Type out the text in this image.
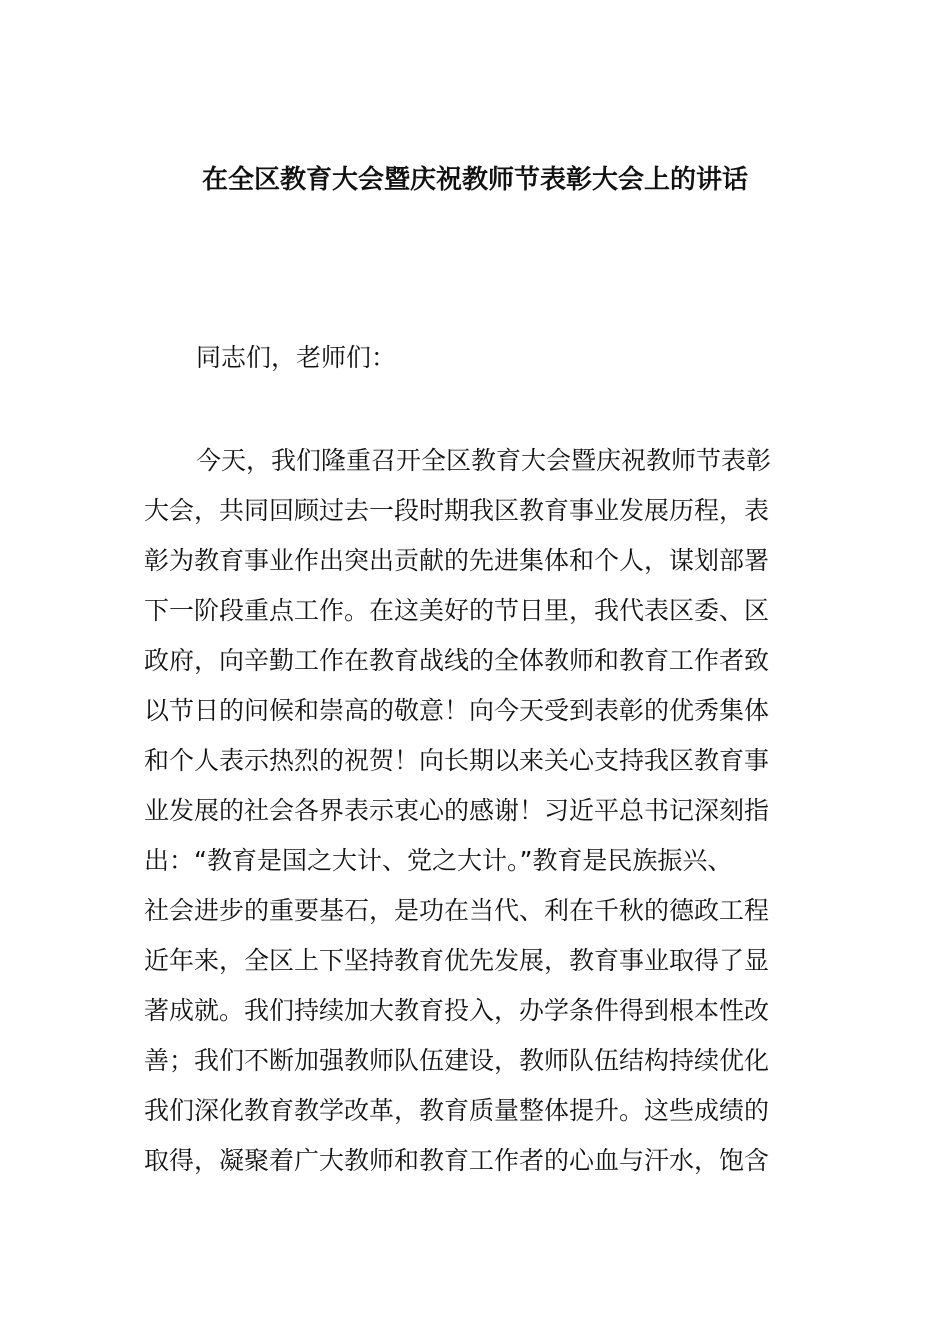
在全区教育大会暨庆祝教师节表彰大会上的讲话
同志们，老师们：
今天，我们隆重召开全区教育大会暨庆祝教师节表彰
大会，共同回顾过去一段时期我区教育事业发展历程，表
彰为教育事业作出突出贡献的先进集体和个人，谋划部署
下一阶段重点工作。在这美好的节日里，我代表区委、区
政府，向辛勤工作在教育战线的全体教师和教育工作者致
以节日的问候和崇高的敬意！向今天受到表彰的优秀集体
和个人表示热烈的祝贺！向长期以来关心支持我区教育事
业发展的社会各界表示衷心的感谢！习近平总书记深刻指
出：“教育是国之大计、党之大计。”教育是民族振兴、
社会进步的重要基石，是功在当代、利在千秋的德政工程
近年来，全区上下坚持教育优先发展，教育事业取得了显
著成就。我们持续加大教育投入，办学条件得到根本性改
善；我们不断加强教师队伍建设，教师队伍结构持续优化
我们深化教育教学改革，教育质量整体提升。这些成绩的
取得，凝聚着广大教师和教育工作者的心血与汗水，饱含
